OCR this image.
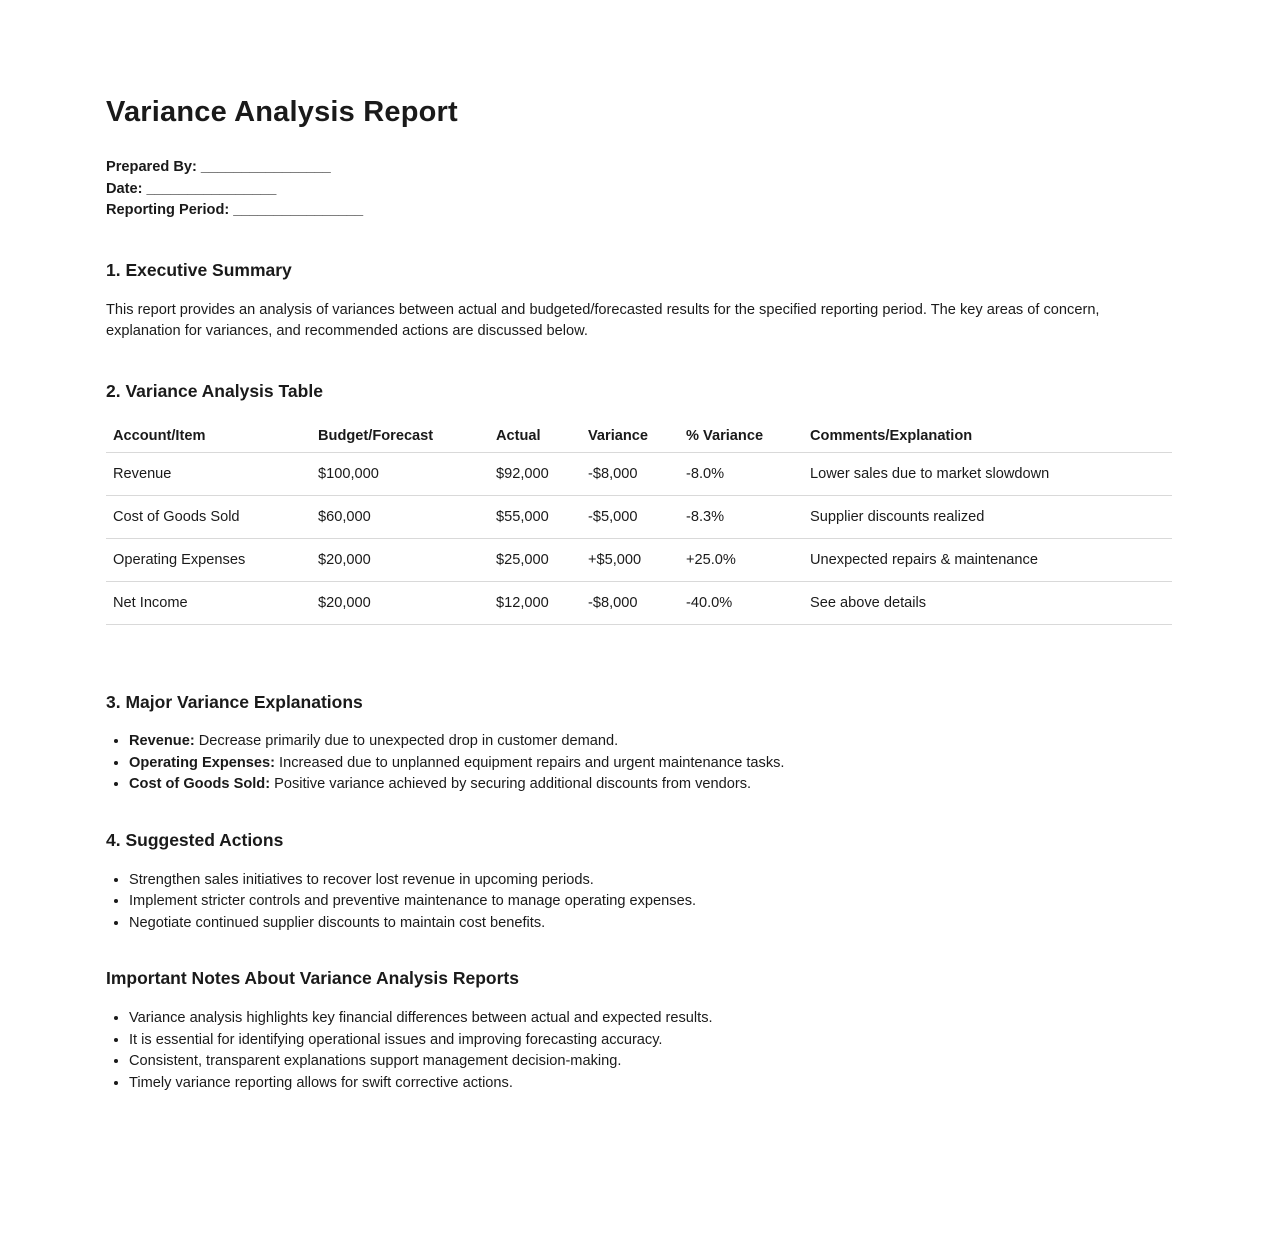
Variance Analysis Report

Prepared By: ________________

Date: ________________

Reporting Period: ________________

1. Executive Summary

This report provides an analysis of variances between actual and budgeted/forecasted results for the specified reporting period. The key areas of concern, explanation for variances, and recommended actions are discussed below.

2. Variance Analysis Table
Account/Item	Budget/Forecast	Actual	Variance	% Variance	Comments/Explanation
Revenue	$100,000	$92,000	-$8,000	-8.0%	Lower sales due to market slowdown
Cost of Goods Sold	$60,000	$55,000	-$5,000	-8.3%	Supplier discounts realized
Operating Expenses	$20,000	$25,000	+$5,000	+25.0%	Unexpected repairs & maintenance
Net Income	$20,000	$12,000	-$8,000	-40.0%	See above details
3. Major Variance Explanations
• Revenue: Decrease primarily due to unexpected drop in customer demand.
• Operating Expenses: Increased due to unplanned equipment repairs and urgent maintenance tasks.
• Cost of Goods Sold: Positive variance achieved by securing additional discounts from vendors.
4. Suggested Actions
• Strengthen sales initiatives to recover lost revenue in upcoming periods.
• Implement stricter controls and preventive maintenance to manage operating expenses.
• Negotiate continued supplier discounts to maintain cost benefits.
Important Notes About Variance Analysis Reports
• Variance analysis highlights key financial differences between actual and expected results.
• It is essential for identifying operational issues and improving forecasting accuracy.
• Consistent, transparent explanations support management decision-making.
• Timely variance reporting allows for swift corrective actions.
